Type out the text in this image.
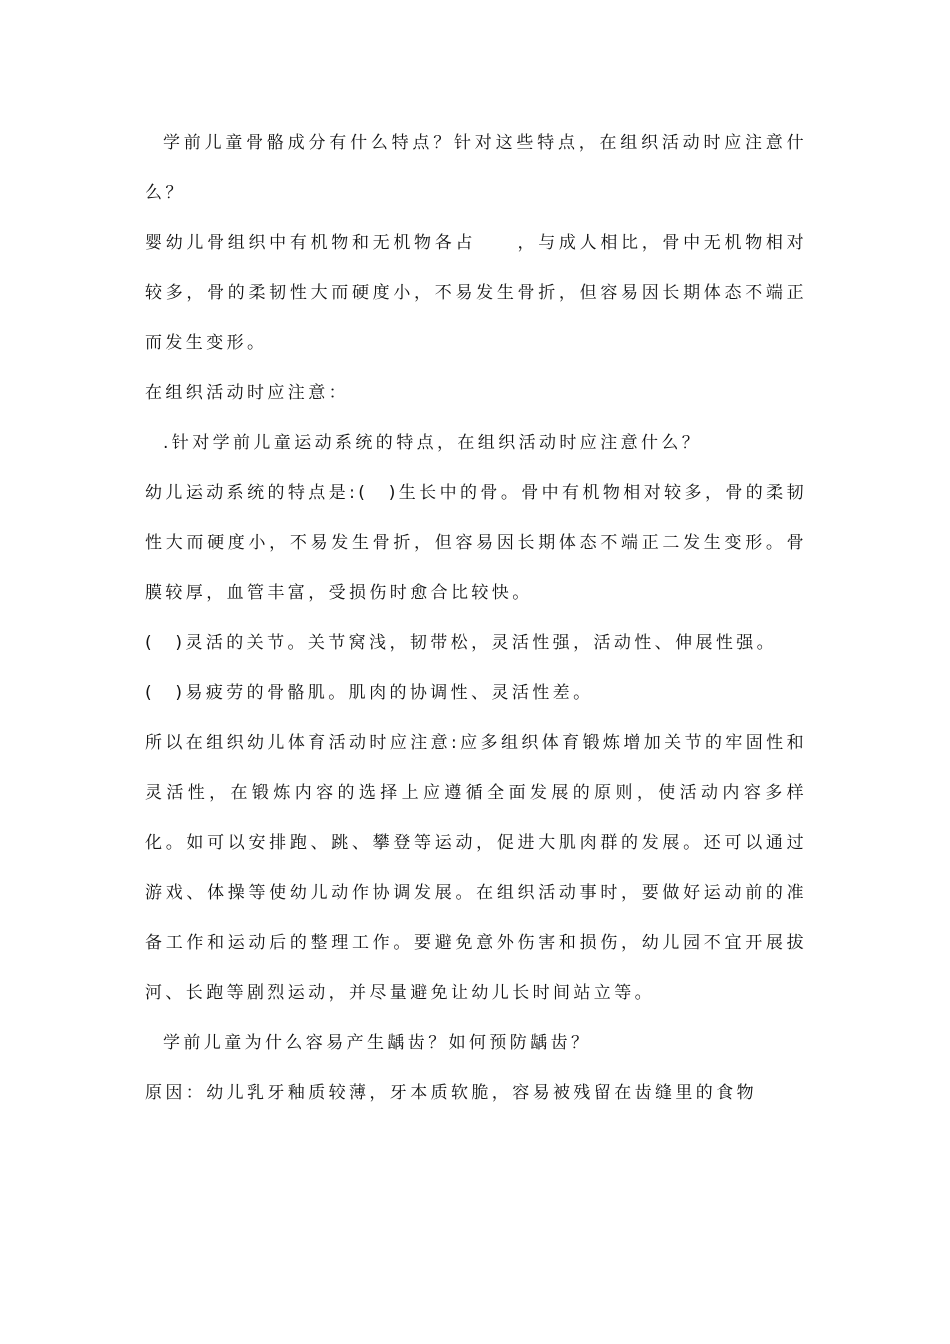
学前儿童骨骼成分有什么特点？针对这些特点，在组织活动时应注意什么？

婴幼儿骨组织中有机物和无机物各占　　，与成人相比，骨中无机物相对较多，骨的柔韧性大而硬度小，不易发生骨折，但容易因长期体态不端正而发生变形。

在组织活动时应注意：

.针对学前儿童运动系统的特点，在组织活动时应注意什么？

幼儿运动系统的特点是:(　)生长中的骨。骨中有机物相对较多，骨的柔韧性大而硬度小，不易发生骨折，但容易因长期体态不端正二发生变形。骨膜较厚，血管丰富，受损伤时愈合比较快。

(　)灵活的关节。关节窝浅，韧带松，灵活性强，活动性、伸展性强。

(　)易疲劳的骨骼肌。肌肉的协调性、灵活性差。

所以在组织幼儿体育活动时应注意:应多组织体育锻炼增加关节的牢固性和灵活性，在锻炼内容的选择上应遵循全面发展的原则，使活动内容多样化。如可以安排跑、跳、攀登等运动，促进大肌肉群的发展。还可以通过游戏、体操等使幼儿动作协调发展。在组织活动事时，要做好运动前的准备工作和运动后的整理工作。要避免意外伤害和损伤，幼儿园不宜开展拔河、长跑等剧烈运动，并尽量避免让幼儿长时间站立等。

学前儿童为什么容易产生龋齿？如何预防龋齿？

原因：幼儿乳牙釉质较薄，牙本质软脆，容易被残留在齿缝里的食物
